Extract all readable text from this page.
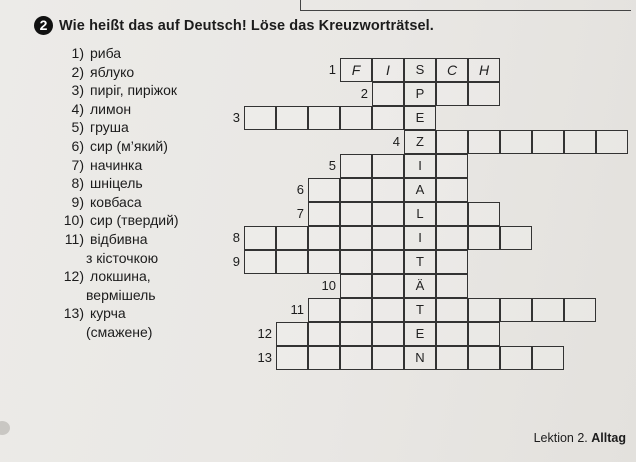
2 Wie heißt das auf Deutsch! Löse das Kreuzworträtsel.
1) риба
2) яблуко
3) пиріг, пиріжок
4) лимон
5) груша
6) сир (м’який)
7) начинка
8) шніцель
9) ковбаса
10) сир (твердий)
11) відбивна
з кісточкою
12) локшина,
вермішель
13) курча
(смажене)
1	F	I	S	C	H
2	P
3	E
4	Z
5	I
6	A
7	L
8	I
9	T
10	Ä
11	T
12	E
13	N
Lektion 2. Alltag
